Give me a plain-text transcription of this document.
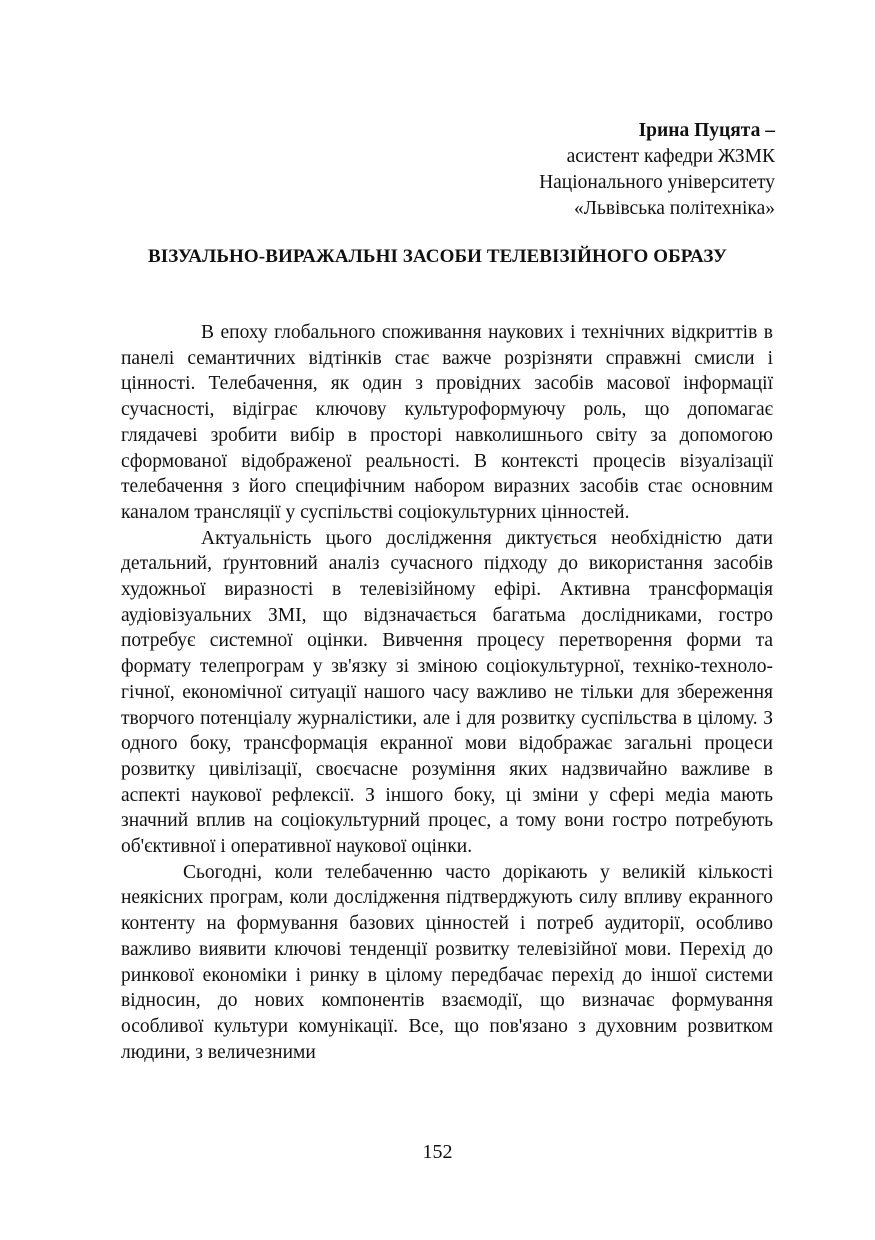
Ірина Пуцята –
асистент кафедри ЖЗМК
Національного університету
«Львівська політехніка»
ВІЗУАЛЬНО-ВИРАЖАЛЬНІ ЗАСОБИ ТЕЛЕВІЗІЙНОГО ОБРАЗУ

В епоху глобального споживання наукових і технічних відкриттів в панелі семантичних відтінків стає важче розрізняти справжні смисли і цінності. Телебачення, як один з провідних засобів масової інформації сучасності, відіграє ключову культуроформуючу роль, що допомагає глядачеві зробити вибір в просторі навколишнього світу за допомогою сформованої відображеної реальності. В контексті процесів візуалізації телебачення з його специфічним набором виразних засобів стає основним каналом трансляції у суспільстві соціокультурних цінностей.

Актуальність цього дослідження диктується необхідністю дати детальний, ґрунтовний аналіз сучасного підходу до використання засобів художньої виразності в телевізійному ефірі. Активна трансформація аудіовізуальних ЗМІ, що відзначається багатьма дослідниками, гостро потребує системної оцінки. Вивчення процесу перетворення форми та формату телепрограм у зв'язку зі зміною соціокультурної, техніко-техноло-гічної, економічної ситуації нашого часу важливо не тільки для збереження творчого потенціалу журналістики, але і для розвитку суспільства в цілому. З одного боку, трансформація екранної мови відображає загальні процеси розвитку цивілізації, своєчасне розуміння яких надзвичайно важливе в аспекті наукової рефлексії. З іншого боку, ці зміни у сфері медіа мають значний вплив на соціокультурний процес, а тому вони гостро потребують об'єктивної і оперативної наукової оцінки.

Сьогодні, коли телебаченню часто дорікають у великій кількості неякісних програм, коли дослідження підтверджують силу впливу екранного контенту на формування базових цінностей і потреб аудиторії, особливо важливо виявити ключові тенденції розвитку телевізійної мови. Перехід до ринкової економіки і ринку в цілому передбачає перехід до іншої системи відносин, до нових компонентів взаємодії, що визначає формування особливої культури комунікації. Все, що пов'язано з духовним розвитком людини, з величезними

152
